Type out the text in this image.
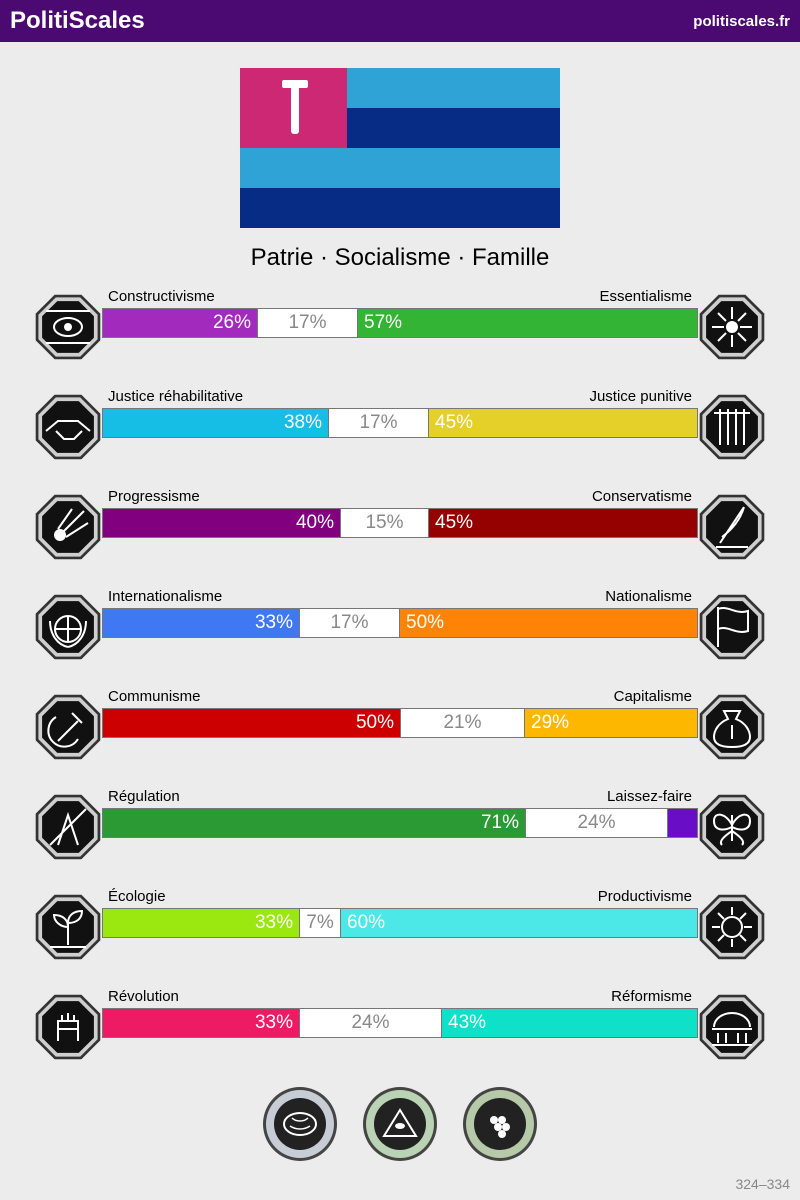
PolitiScales	politiscales.fr
Patrie · Socialisme · Famille
Constructivisme	Essentialisme
26%	17%	57%
Justice réhabilitative	Justice punitive
38%	17%	45%
Progressisme	Conservatisme
40%	15%	45%
Internationalisme	Nationalisme
33%	17%	50%
Communisme	Capitalisme
50%	21%	29%
Régulation	Laissez-faire
71%	24%
Écologie	Productivisme
33% 7% 60%
Révolution	Réformisme
33%	24%	43%
324–334
